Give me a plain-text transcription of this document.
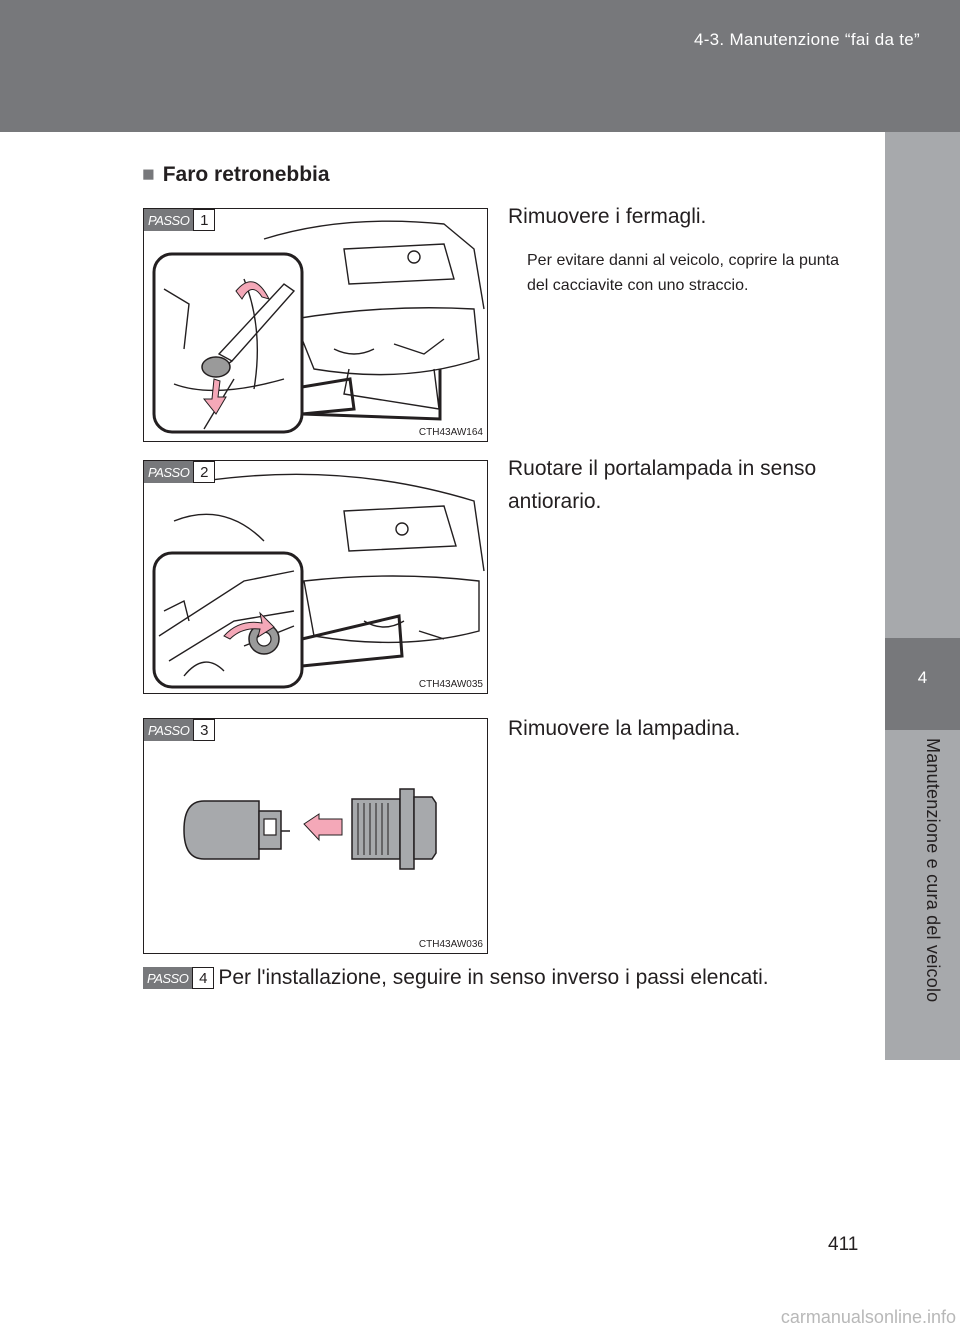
4-3. Manutenzione “fai da te”
4
Manutenzione e cura del veicolo
■ Faro retronebbia
PASSO 1
CTH43AW164
Rimuovere i fermagli.
Per evitare danni al veicolo, coprire la punta del cacciavite con uno straccio.
PASSO 2
CTH43AW035
Ruotare il portalampada in senso antiorario.
PASSO 3
CTH43AW036
Rimuovere la lampadina.
PASSO 4 Per l'installazione, seguire in senso inverso i passi elencati.
411
carmanualsonline.info
